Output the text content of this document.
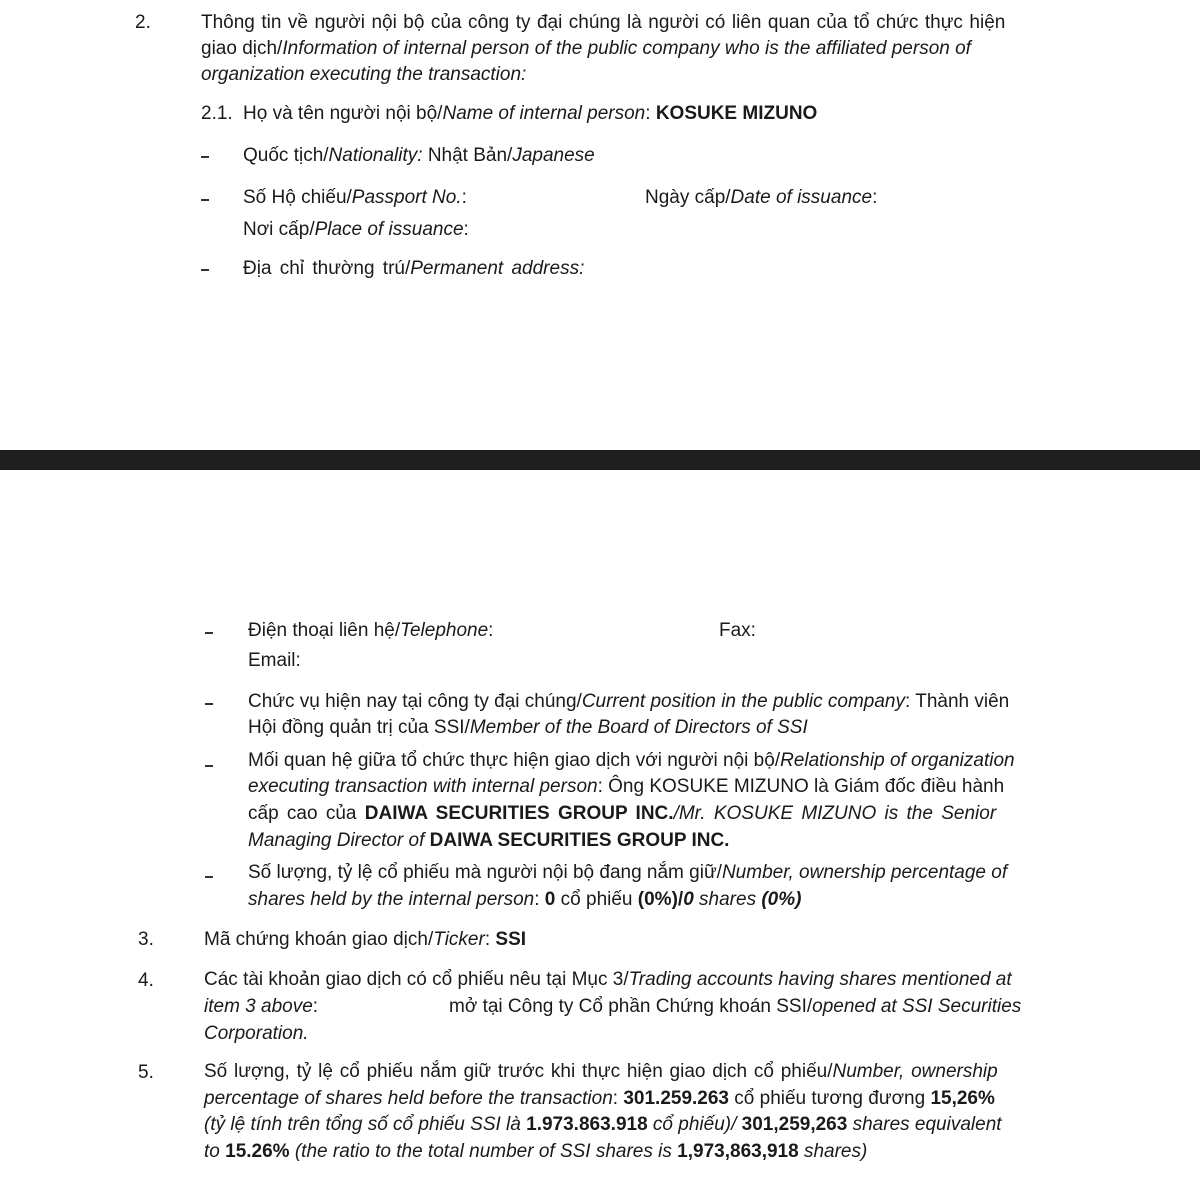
2.	Thông tin về người nội bộ của công ty đại chúng là người có liên quan của tổ chức thực hiện
giao dịch/Information of internal person of the public company who is the affiliated person of
organization executing the transaction:
2.1. Họ và tên người nội bộ/Name of internal person: KOSUKE MIZUNO
Quốc tịch/Nationality: Nhật Bản/Japanese
Số Hộ chiếu/Passport No.:	Ngày cấp/Date of issuance:
Nơi cấp/Place of issuance:
Địa chỉ thường trú/Permanent address:
Điện thoại liên hệ/Telephone:	Fax:
Email:
Chức vụ hiện nay tại công ty đại chúng/Current position in the public company: Thành viên
Hội đồng quản trị của SSI/Member of the Board of Directors of SSI
Mối quan hệ giữa tổ chức thực hiện giao dịch với người nội bộ/Relationship of organization
executing transaction with internal person: Ông KOSUKE MIZUNO là Giám đốc điều hành
cấp cao của DAIWA SECURITIES GROUP INC./Mr. KOSUKE MIZUNO is the Senior
Managing Director of DAIWA SECURITIES GROUP INC.
Số lượng, tỷ lệ cổ phiếu mà người nội bộ đang nắm giữ/Number, ownership percentage of
shares held by the internal person: 0 cổ phiếu (0%)/0 shares (0%)
3.	Mã chứng khoán giao dịch/Ticker: SSI
4.	Các tài khoản giao dịch có cổ phiếu nêu tại Mục 3/Trading accounts having shares mentioned at
item 3 above:	mở tại Công ty Cổ phần Chứng khoán SSI/opened at SSI Securities
Corporation.
5.	Số lượng, tỷ lệ cổ phiếu nắm giữ trước khi thực hiện giao dịch cổ phiếu/Number, ownership
percentage of shares held before the transaction: 301.259.263 cổ phiếu tương đương 15,26%
(tỷ lệ tính trên tổng số cổ phiếu SSI là 1.973.863.918 cổ phiếu)/ 301,259,263 shares equivalent
to 15.26% (the ratio to the total number of SSI shares is 1,973,863,918 shares)
